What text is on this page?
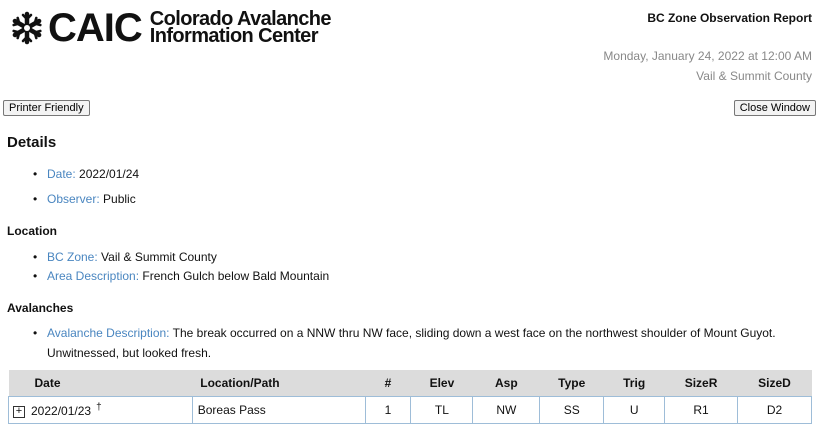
CAIC Colorado Avalanche
Information Center
BC Zone Observation Report
Monday, January 24, 2022 at 12:00 AM
Vail & Summit County
Printer Friendly	Close Window
Details
• Date: 2022/01/24
• Observer: Public
Location
• BC Zone: Vail & Summit County
• Area Description: French Gulch below Bald Mountain
Avalanches
• Avalanche Description: The break occurred on a NNW thru NW face, sliding down a west face on the northwest shoulder of Mount Guyot. Unwitnessed, but looked fresh.
Date	Location/Path	#	Elev	Asp	Type	Trig	SizeR	SizeD
+ 2022/01/23 †	Boreas Pass	1	TL	NW	SS	U	R1	D2
